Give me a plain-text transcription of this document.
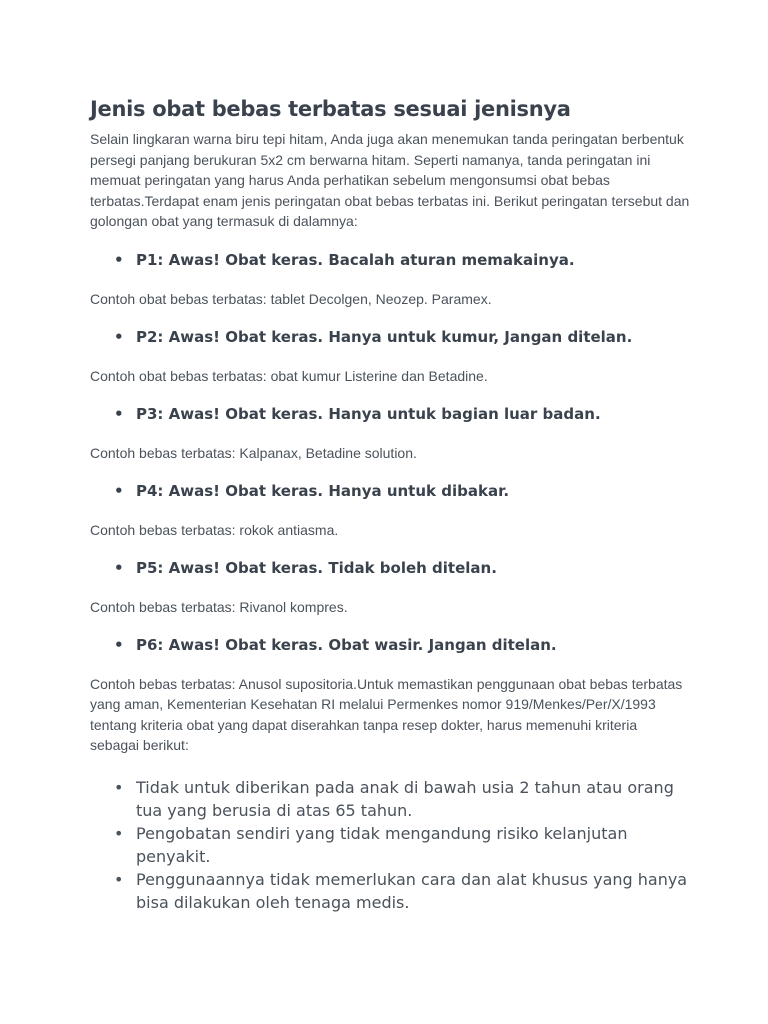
Jenis obat bebas terbatas sesuai jenisnya

Selain lingkaran warna biru tepi hitam, Anda juga akan menemukan tanda peringatan berbentuk persegi panjang berukuran 5x2 cm berwarna hitam. Seperti namanya, tanda peringatan ini memuat peringatan yang harus Anda perhatikan sebelum mengonsumsi obat bebas terbatas.Terdapat enam jenis peringatan obat bebas terbatas ini. Berikut peringatan tersebut dan golongan obat yang termasuk di dalamnya:

• P1: Awas! Obat keras. Bacalah aturan memakainya.
Contoh obat bebas terbatas: tablet Decolgen, Neozep. Paramex.
• P2: Awas! Obat keras. Hanya untuk kumur, Jangan ditelan.
Contoh obat bebas terbatas: obat kumur Listerine dan Betadine.
• P3: Awas! Obat keras. Hanya untuk bagian luar badan.
Contoh bebas terbatas: Kalpanax, Betadine solution.
• P4: Awas! Obat keras. Hanya untuk dibakar.
Contoh bebas terbatas: rokok antiasma.
• P5: Awas! Obat keras. Tidak boleh ditelan.
Contoh bebas terbatas: Rivanol kompres.
• P6: Awas! Obat keras. Obat wasir. Jangan ditelan.

Contoh bebas terbatas: Anusol supositoria.Untuk memastikan penggunaan obat bebas terbatas yang aman, Kementerian Kesehatan RI melalui Permenkes nomor 919/Menkes/Per/X/1993 tentang kriteria obat yang dapat diserahkan tanpa resep dokter, harus memenuhi kriteria sebagai berikut:

• Tidak untuk diberikan pada anak di bawah usia 2 tahun atau orang tua yang berusia di atas 65 tahun.
• Pengobatan sendiri yang tidak mengandung risiko kelanjutan penyakit.
• Penggunaannya tidak memerlukan cara dan alat khusus yang hanya bisa dilakukan oleh tenaga medis.
